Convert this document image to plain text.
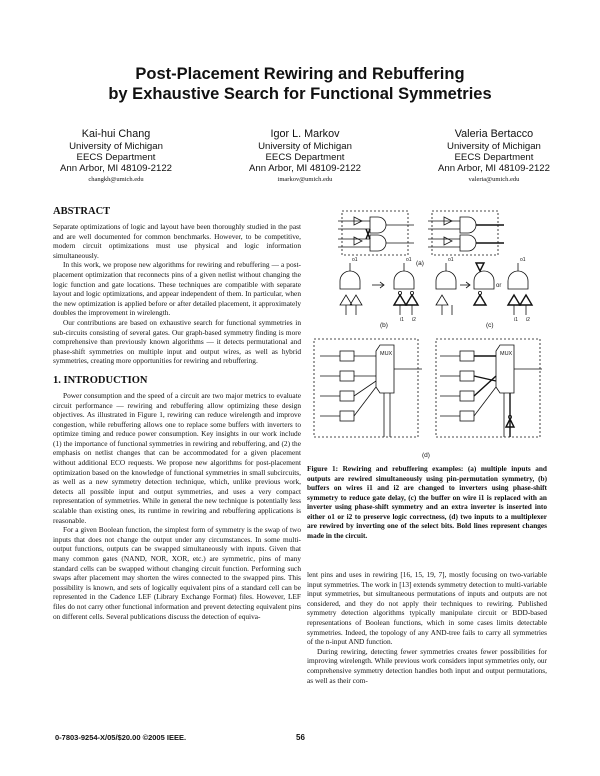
Post-Placement Rewiring and Rebuffering
by Exhaustive Search for Functional Symmetries
Kai-hui Chang
University of Michigan
EECS Department
Ann Arbor, MI 48109-2122
changkh@umich.edu
Igor L. Markov
University of Michigan
EECS Department
Ann Arbor, MI 48109-2122
imarkov@umich.edu
Valeria Bertacco
University of Michigan
EECS Department
Ann Arbor, MI 48109-2122
valeria@umich.edu
ABSTRACT

Separate optimizations of logic and layout have been thoroughly studied in the past and are well documented for common benchmarks. However, to be competitive, modern circuit optimizations must use physical and logic information simultaneously.

In this work, we propose new algorithms for rewiring and rebuffering — a post-placement optimization that reconnects pins of a given netlist without changing the logic function and gate locations. These techniques are compatible with separate layout and logic optimizations, and appear independent of them. In particular, when the new optimization is applied before or after detailed placement, it approximately doubles the improvement in wirelength.

Our contributions are based on exhaustive search for functional symmetries in sub-circuits consisting of several gates. Our graph-based symmetry finding is more comprehensive than previously known algorithms — it detects permutational and phase-shift symmetries on multiple input and output wires, as well as hybrid symmetries, creating more opportunities for rewiring and rebuffering.

1. INTRODUCTION

Power consumption and the speed of a circuit are two major metrics to evaluate circuit performance — rewiring and rebuffering allow optimizing these design objectives. As illustrated in Figure 1, rewiring can reduce wirelength and improve congestion, while rebuffering allows one to replace some buffers with inverters to optimize timing and reduce power consumption. Key insights in our work include (1) the importance of functional symmetries in rewiring and rebuffering, and (2) the emphasis on netlist changes that can be accommodated for a given placement without additional ECO requests. We propose new algorithms for post-placement optimization based on the knowledge of functional symmetries in small subcircuits, as well as a new symmetry detection technique, which, unlike previous work, detects all possible input and output symmetries, and uses a very compact representation of symmetries. While in general the new technique is potentially less scalable than existing ones, its runtime in rewiring and rebuffering applications is reasonable.

For a given Boolean function, the simplest form of symmetry is the swap of two inputs that does not change the output under any circumstances. In some multi-output functions, outputs can be swapped simultaneously with inputs. Given that many common gates (NAND, NOR, XOR, etc.) are symmetric, pins of many standard cells can be swapped without changing circuit function. Performing such swaps after placement may shorten the wires connected to the swapped pins. This possibility is known, and sets of logically equivalent pins of a standard cell can be represented in the Cadence LEF (Library Exchange Format) files. However, LEF files do not carry other functional information and prevent detecting equivalent pins on different cells. Several publications discuss the detection of equiva-

(a)
(b)	(c)
(d)
MUX	MUX
or
o1	o1	o1	o1
i1 i2	i1 i2
Figure 1: Rewiring and rebuffering examples: (a) multiple inputs and outputs are rewired simultaneously using pin-permutation symmetry, (b) buffers on wires i1 and i2 are changed to inverters using phase-shift symmetry to reduce gate delay, (c) the buffer on wire i1 is replaced with an inverter using phase-shift symmetry and an extra inverter is inserted into either o1 or i2 to preserve logic correctness, (d) two inputs to a multiplexer are rewired by inverting one of the select bits. Bold lines represent changes made in the circuit.

lent pins and uses in rewiring [16, 15, 19, 7], mostly focusing on two-variable input symmetries. The work in [13] extends symmetry detection to multi-variable input symmetries, but simultaneous permutations of inputs and outputs are not considered, and they do not apply their techniques to rewiring. Published symmetry detection algorithms typically manipulate circuit or BDD-based representations of Boolean functions, which in some cases limits detectable symmetries. Indeed, the topology of any AND-tree fails to carry all symmetries of the n-input AND function.

During rewiring, detecting fewer symmetries creates fewer possibilities for improving wirelength. While previous work considers input symmetries only, our comprehensive symmetry detection handles both input and output permutations, as well as their com-

0-7803-9254-X/05/$20.00 ©2005 IEEE.	56
